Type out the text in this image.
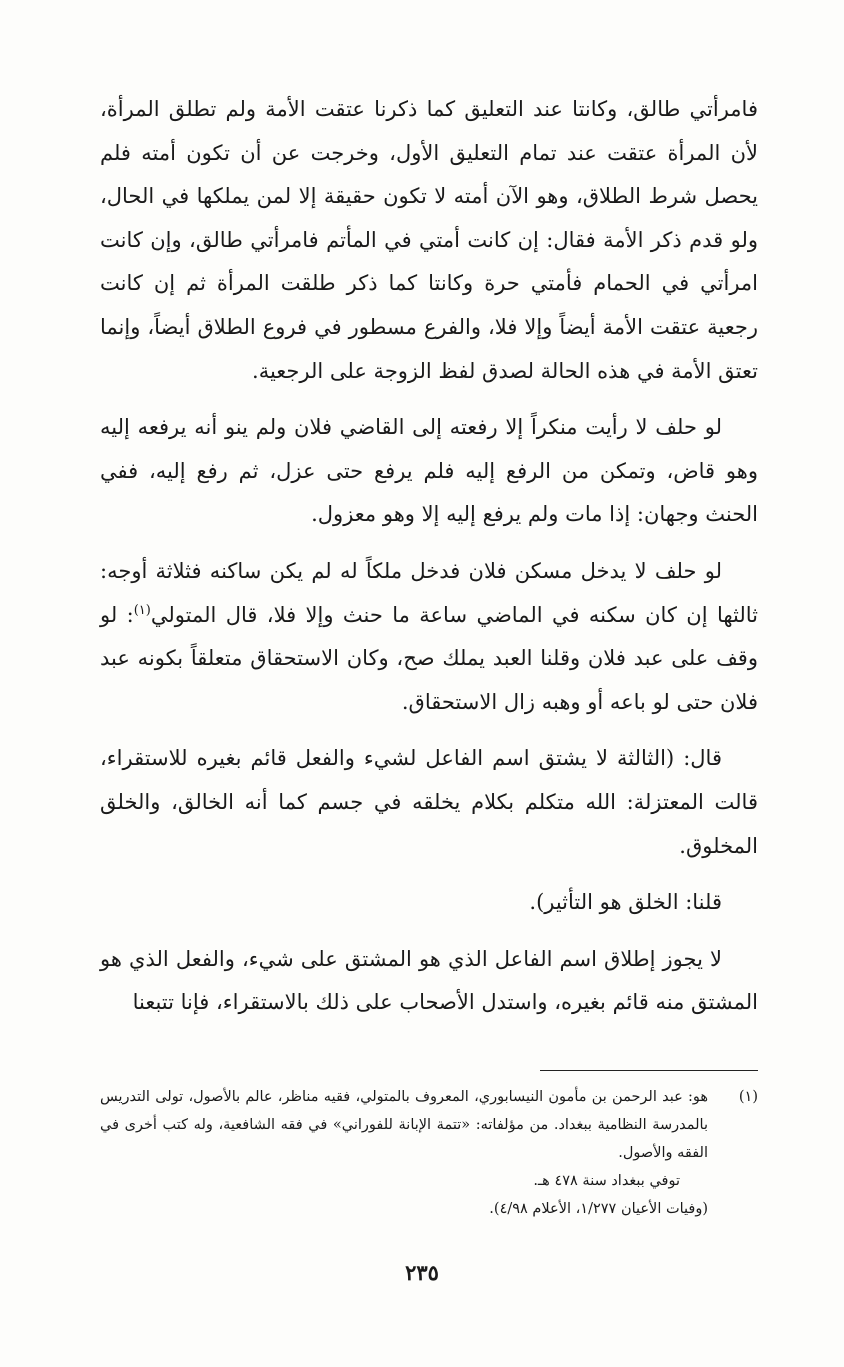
فامرأتي طالق، وكانتا عند التعليق كما ذكرنا عتقت الأمة ولم تطلق المرأة، لأن المرأة عتقت عند تمام التعليق الأول، وخرجت عن أن تكون أمته فلم يحصل شرط الطلاق، وهو الآن أمته لا تكون حقيقة إلا لمن يملكها في الحال، ولو قدم ذكر الأمة فقال: إن كانت أمتي في المأتم فامرأتي طالق، وإن كانت امرأتي في الحمام فأمتي حرة وكانتا كما ذكر طلقت المرأة ثم إن كانت رجعية عتقت الأمة أيضاً وإلا فلا، والفرع مسطور في فروع الطلاق أيضاً، وإنما تعتق الأمة في هذه الحالة لصدق لفظ الزوجة على الرجعية.

لو حلف لا رأيت منكراً إلا رفعته إلى القاضي فلان ولم ينو أنه يرفعه إليه وهو قاض، وتمكن من الرفع إليه فلم يرفع حتى عزل، ثم رفع إليه، ففي الحنث وجهان: إذا مات ولم يرفع إليه إلا وهو معزول.

لو حلف لا يدخل مسكن فلان فدخل ملكاً له لم يكن ساكنه فثلاثة أوجه: ثالثها إن كان سكنه في الماضي ساعة ما حنث وإلا فلا، قال المتولي$^{(١)}$: لو وقف على عبد فلان وقلنا العبد يملك صح، وكان الاستحقاق متعلقاً بكونه عبد فلان حتى لو باعه أو وهبه زال الاستحقاق.

قال: (الثالثة لا يشتق اسم الفاعل لشيء والفعل قائم بغيره للاستقراء، قالت المعتزلة: الله متكلم بكلام يخلقه في جسم كما أنه الخالق، والخلق المخلوق.

قلنا: الخلق هو التأثير).

لا يجوز إطلاق اسم الفاعل الذي هو المشتق على شيء، والفعل الذي هو المشتق منه قائم بغيره، واستدل الأصحاب على ذلك بالاستقراء، فإنا تتبعنا

(١)
هو: عبد الرحمن بن مأمون النيسابوري، المعروف بالمتولي، فقيه مناظر، عالم بالأصول، تولى التدريس بالمدرسة النظامية ببغداد. من مؤلفاته: «تتمة الإبانة للفوراني» في فقه الشافعية، وله كتب أخرى في الفقه والأصول.
توفي ببغداد سنة ٤٧٨ هـ.
(وفيات الأعيان ١/٢٧٧، الأعلام ٤/٩٨).
٢٣٥
